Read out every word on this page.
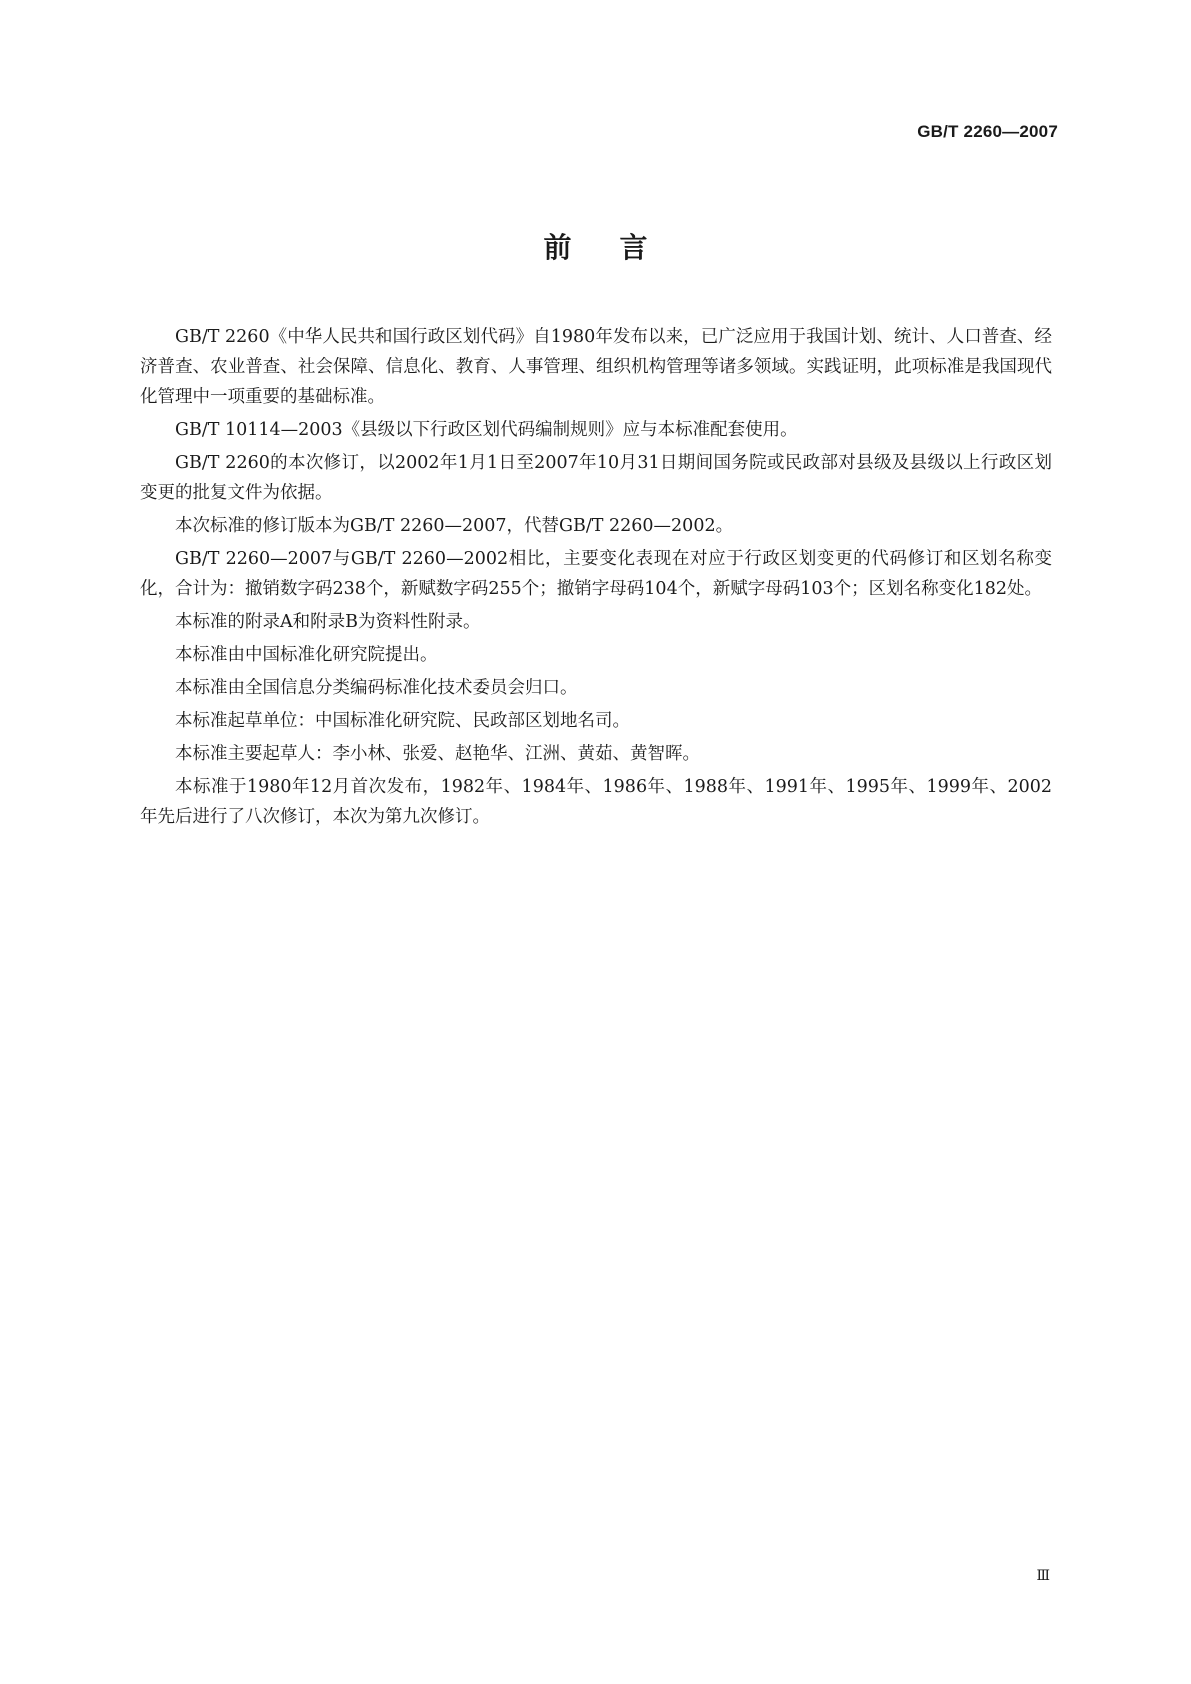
GB/T 2260—2007
前言

GB/T 2260《中华人民共和国行政区划代码》自1980年发布以来，已广泛应用于我国计划、统计、人口普查、经济普查、农业普查、社会保障、信息化、教育、人事管理、组织机构管理等诸多领域。实践证明，此项标准是我国现代化管理中一项重要的基础标准。

GB/T 10114—2003《县级以下行政区划代码编制规则》应与本标准配套使用。

GB/T 2260的本次修订，以2002年1月1日至2007年10月31日期间国务院或民政部对县级及县级以上行政区划变更的批复文件为依据。

本次标准的修订版本为GB/T 2260—2007，代替GB/T 2260—2002。

GB/T 2260—2007与GB/T 2260—2002相比，主要变化表现在对应于行政区划变更的代码修订和区划名称变化，合计为：撤销数字码238个，新赋数字码255个；撤销字母码104个，新赋字母码103个；区划名称变化182处。

本标准的附录A和附录B为资料性附录。

本标准由中国标准化研究院提出。

本标准由全国信息分类编码标准化技术委员会归口。

本标准起草单位：中国标准化研究院、民政部区划地名司。

本标准主要起草人：李小林、张爱、赵艳华、江洲、黄茹、黄智晖。

本标准于1980年12月首次发布，1982年、1984年、1986年、1988年、1991年、1995年、1999年、2002年先后进行了八次修订，本次为第九次修订。

Ⅲ
